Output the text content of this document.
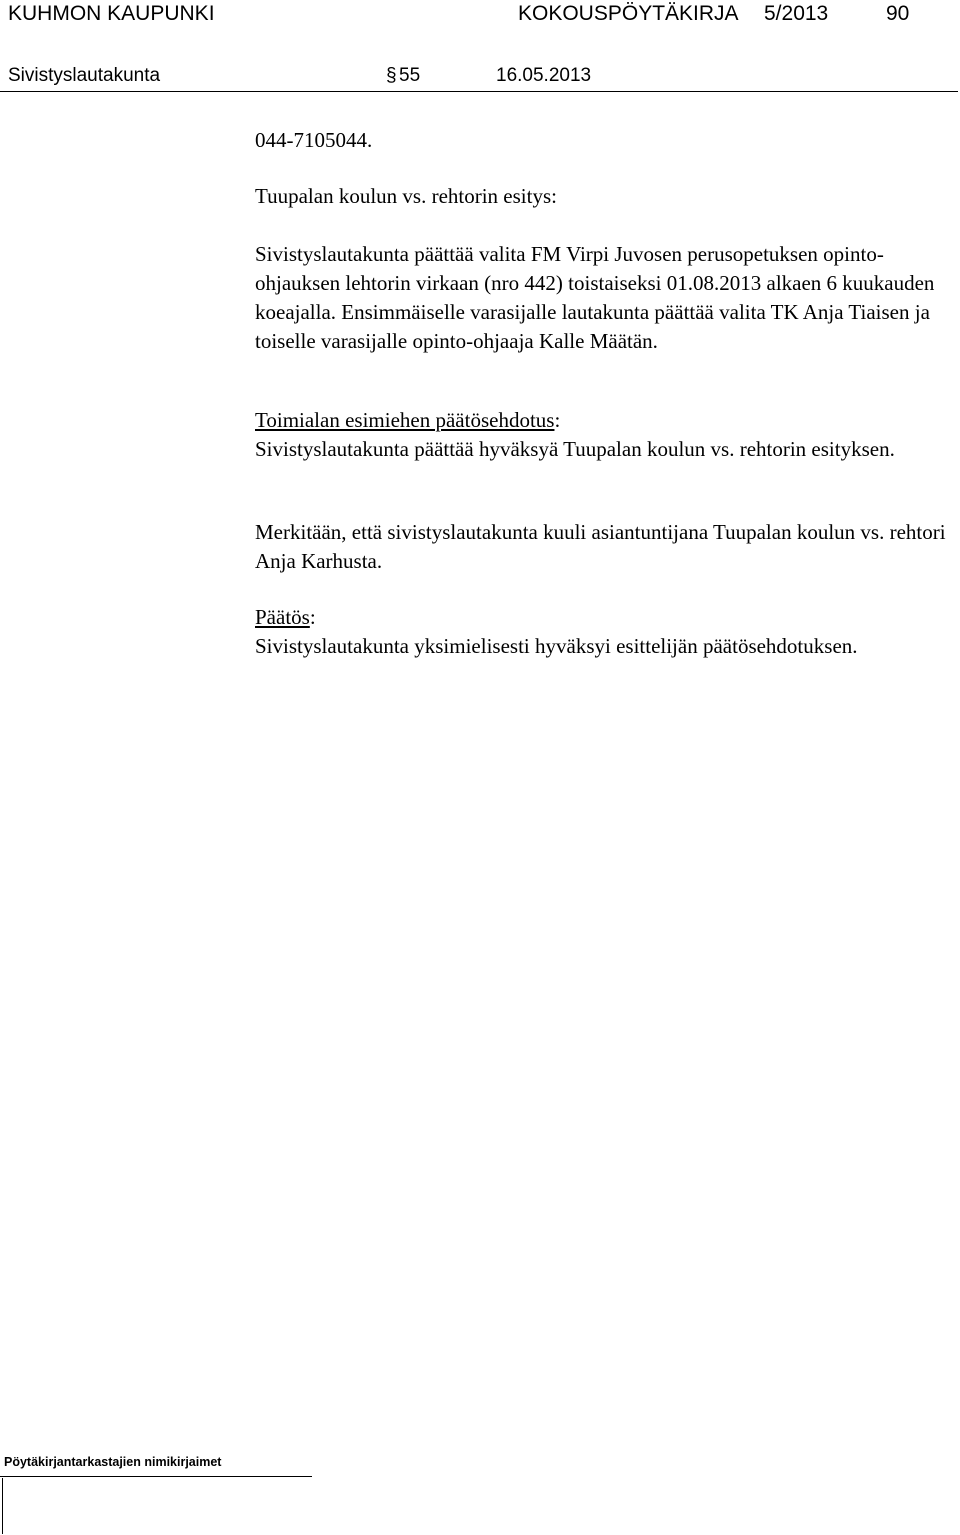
KUHMON KAUPUNKI	KOKOUSPÖYTÄKIRJA 5/2013	90
Sivistyslautakunta	§ 55	16.05.2013

044-7105044.

Tuupalan koulun vs. rehtorin esitys:

Sivistyslautakunta päättää valita FM Virpi Juvosen perusopetuksen opinto-ohjauksen lehtorin virkaan (nro 442) toistaiseksi 01.08.2013 alkaen 6 kuukauden koeajalla. Ensimmäiselle varasijalle lautakunta päättää valita TK Anja Tiaisen ja toiselle varasijalle opinto-ohjaaja Kalle Määtän.

Toimialan esimiehen päätösehdotus:
Sivistyslautakunta päättää hyväksyä Tuupalan koulun vs. rehtorin esityksen.

Merkitään, että sivistyslautakunta kuuli asiantuntijana Tuupalan koulun vs. rehtori Anja Karhusta.

Päätös:
Sivistyslautakunta yksimielisesti hyväksyi esittelijän päätösehdotuksen.

Pöytäkirjantarkastajien nimikirjaimet
